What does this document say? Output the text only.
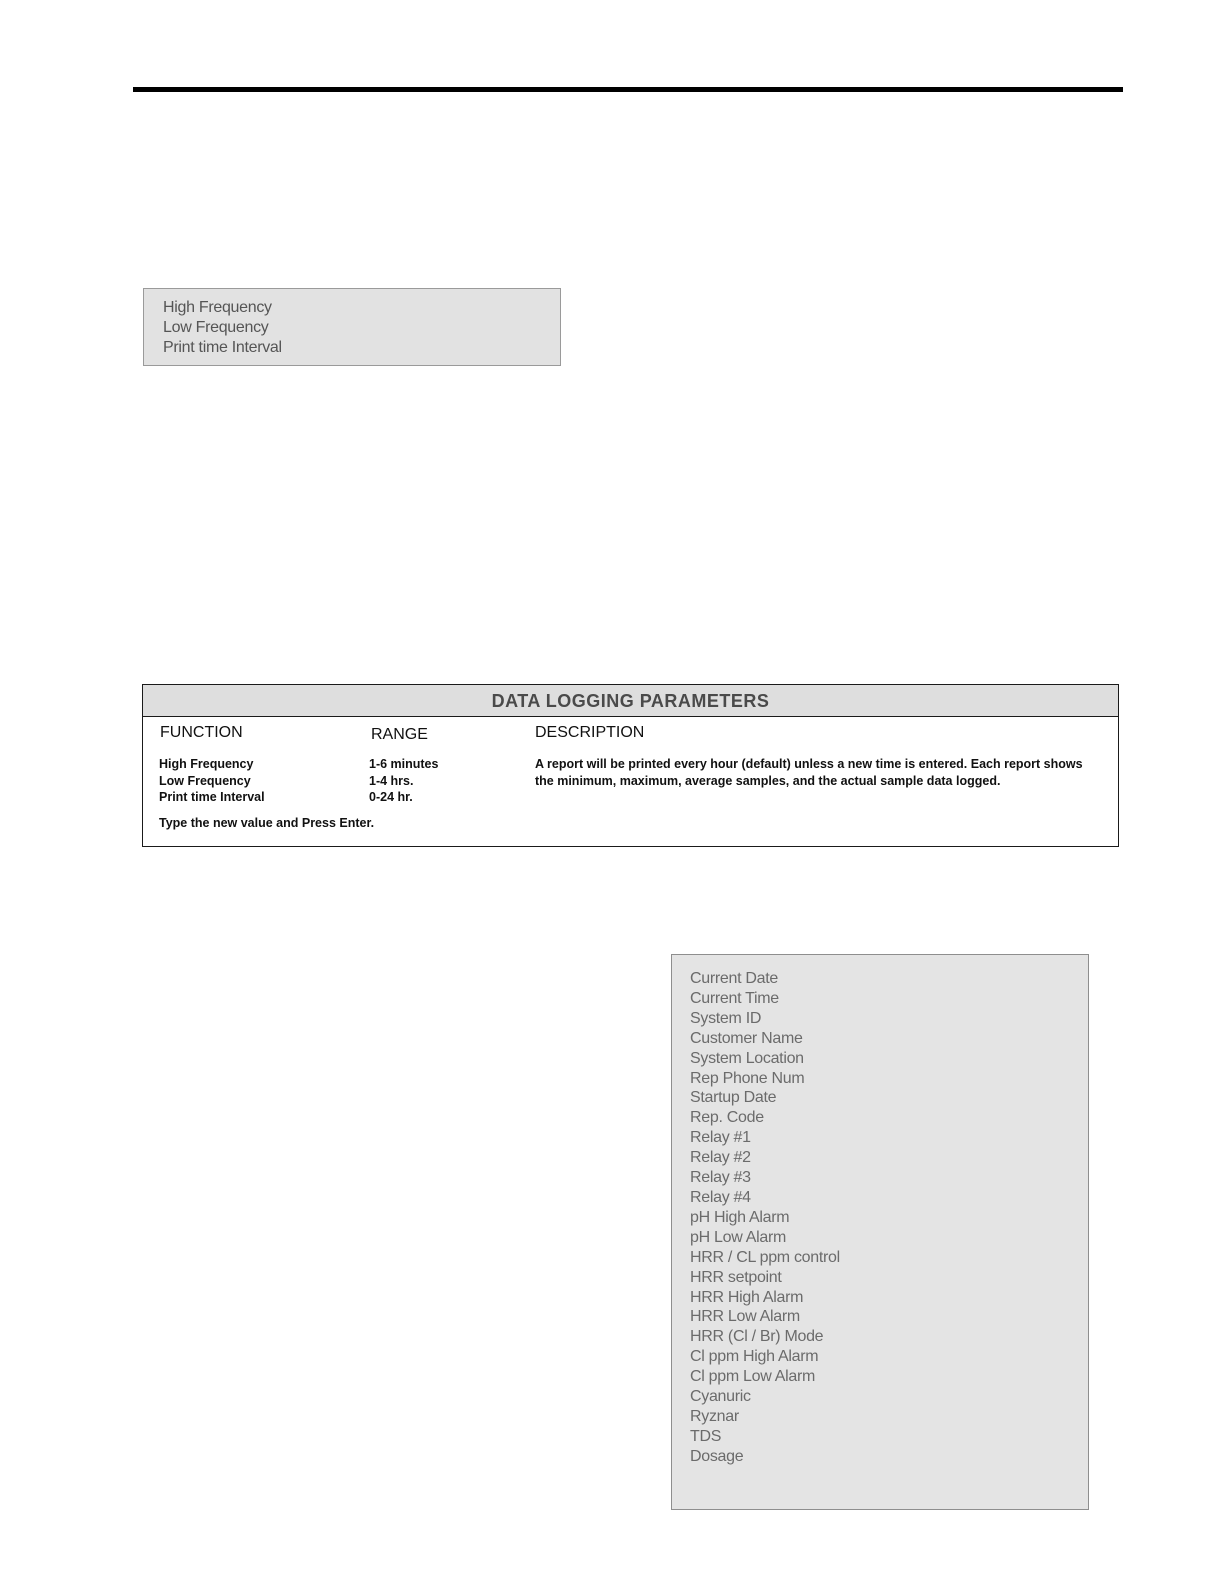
High Frequency
Low Frequency
Print time Interval
DATA LOGGING PARAMETERS
FUNCTION	RANGE	DESCRIPTION
High Frequency	1-6 minutes
Low Frequency	1-4 hrs.
Print time Interval	0-24 hr.
A report will be printed every hour (default) unless a new time is entered. Each report shows the minimum, maximum, average samples, and the actual sample data logged.
Type the new value and Press Enter.
Current Date
Current Time
System ID
Customer Name
System Location
Rep Phone Num
Startup Date
Rep. Code
Relay #1
Relay #2
Relay #3
Relay #4
pH High Alarm
pH Low Alarm
HRR / CL ppm control
HRR setpoint
HRR High Alarm
HRR Low Alarm
HRR (Cl / Br) Mode
Cl ppm High Alarm
Cl ppm Low Alarm
Cyanuric
Ryznar
TDS
Dosage
